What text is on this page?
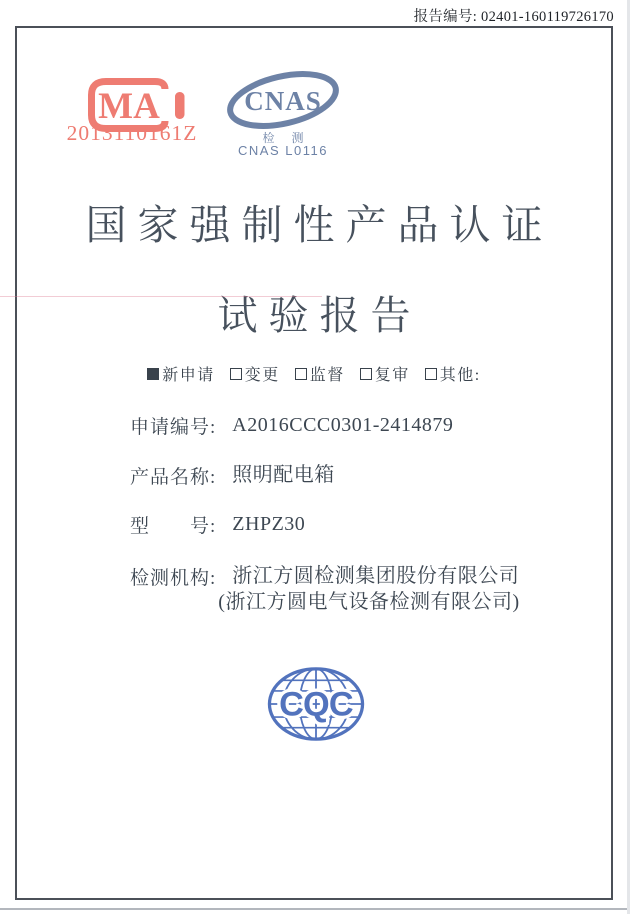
报告编号: 02401-160119726170
MA
2013110161Z
CNAS
检 测
CNAS L0116
国家强制性产品认证
试验报告
新申请 变更 监督 复审 其他:
申请编号: A2016CCC0301-2414879
产品名称: 照明配电箱
型　　号: ZHPZ30
检测机构: 浙江方圆检测集团股份有限公司
(浙江方圆电气设备检测有限公司)
CQC
